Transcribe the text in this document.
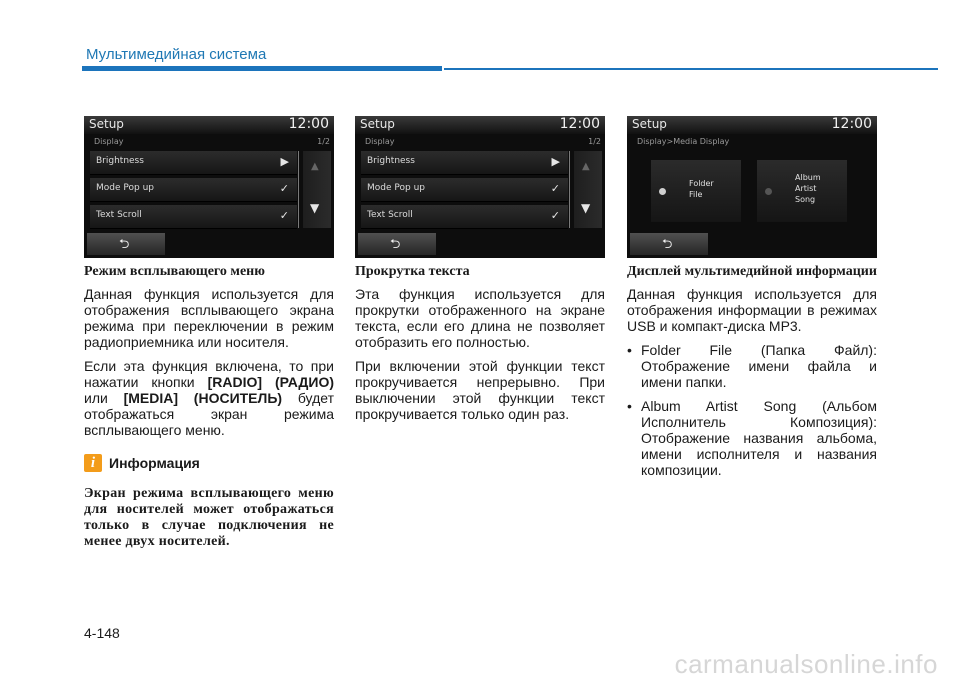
Мультимедийная система
Setup	12:00
Display	1/2
Brightness	▶
Mode Pop up	✓
Text Scroll	✓
▲
▼
⮌
Режим всплывающего меню

Данная функция используется для отображения всплывающего экрана режима при переключении в режим радиоприемника или носителя.

Если эта функция включена, то при нажатии кнопки [RADIO] (РАДИО) или [MEDIA] (НОСИТЕЛЬ) будет отображаться экран режима всплывающего меню.

i Информация
Экран режима всплывающего меню для носителей может отображаться только в случае подключения не менее двух носителей.
Setup	12:00
Display	1/2
Brightness	▶
Mode Pop up	✓
Text Scroll	✓
▲
▼
⮌
Прокрутка текста

Эта функция используется для прокрутки отображенного на экране текста, если его длина не позволяет отобразить его полностью.

При включении этой функции текст прокручивается непрерывно. При выключении этой функции текст прокручивается только один раз.

Setup	12:00
Display>Media Display
Folder
File
Album
Artist
Song
⮌
Дисплей мультимедийной информации

Данная функция используется для отображения информации в режимах USB и компакт-диска MP3.

• Folder File (Папка Файл): Отображение имени файла и имени папки.
• Album Artist Song (Альбом Исполнитель Композиция): Отображение названия альбома, имени исполнителя и названия композиции.
4-148
carmanualsonline.info
